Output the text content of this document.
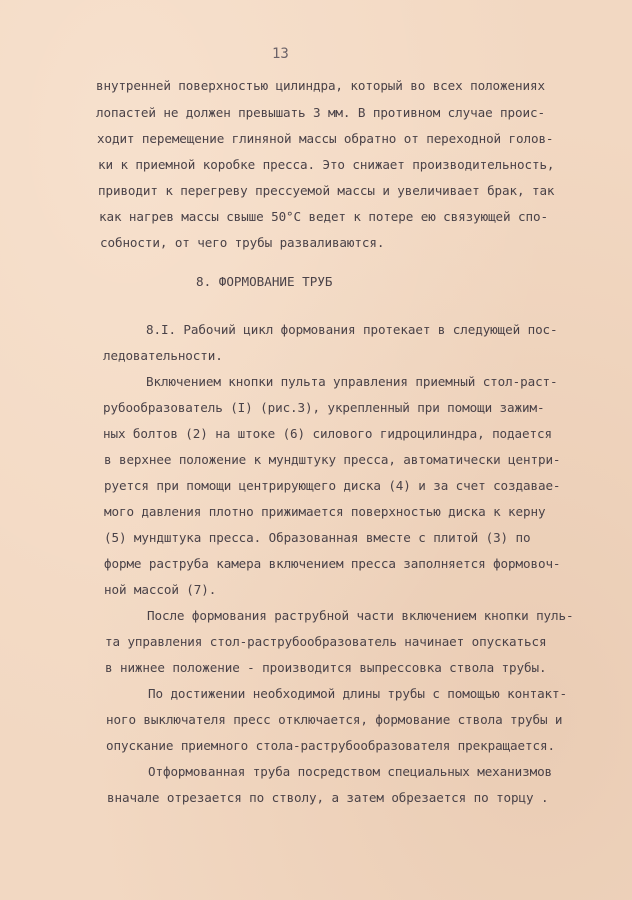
13
внутренней поверхностью цилиндра, который во всех положениях
лопастей не должен превышать 3 мм. В противном случае проис-
ходит перемещение глиняной массы обратно от переходной голов-
ки к приемной коробке пресса. Это снижает производительность,
приводит к перегреву прессуемой массы и увеличивает брак, так
как нагрев массы свыше 50°С ведет к потере ею связующей спо-
собности, от чего трубы разваливаются.
8. ФОРМОВАНИЕ ТРУБ
8.I. Рабочий цикл формования протекает в следующей пос-
ледовательности.
Включением кнопки пульта управления приемный стол-раст-
рубообразователь (I) (рис.3), укрепленный при помощи зажим-
ных болтов (2) на штоке (6) силового гидроцилиндра, подается
в верхнее положение к мундштуку пресса, автоматически центри-
руется при помощи центрирующего диска (4) и за счет создавае-
мого давления плотно прижимается поверхностью диска к керну
(5) мундштука пресса. Образованная вместе с плитой (3) по
форме раструба камера включением пресса заполняется формовоч-
ной массой (7).
После формования раструбной части включением кнопки пуль-
та управления стол-раструбообразователь начинает опускаться
в нижнее положение - производится выпрессовка ствола трубы.
По достижении необходимой длины трубы с помощью контакт-
ного выключателя пресс отключается, формование ствола трубы и
опускание приемного стола-раструбообразователя прекращается.
Отформованная труба посредством специальных механизмов
вначале отрезается по стволу, а затем обрезается по торцу .
